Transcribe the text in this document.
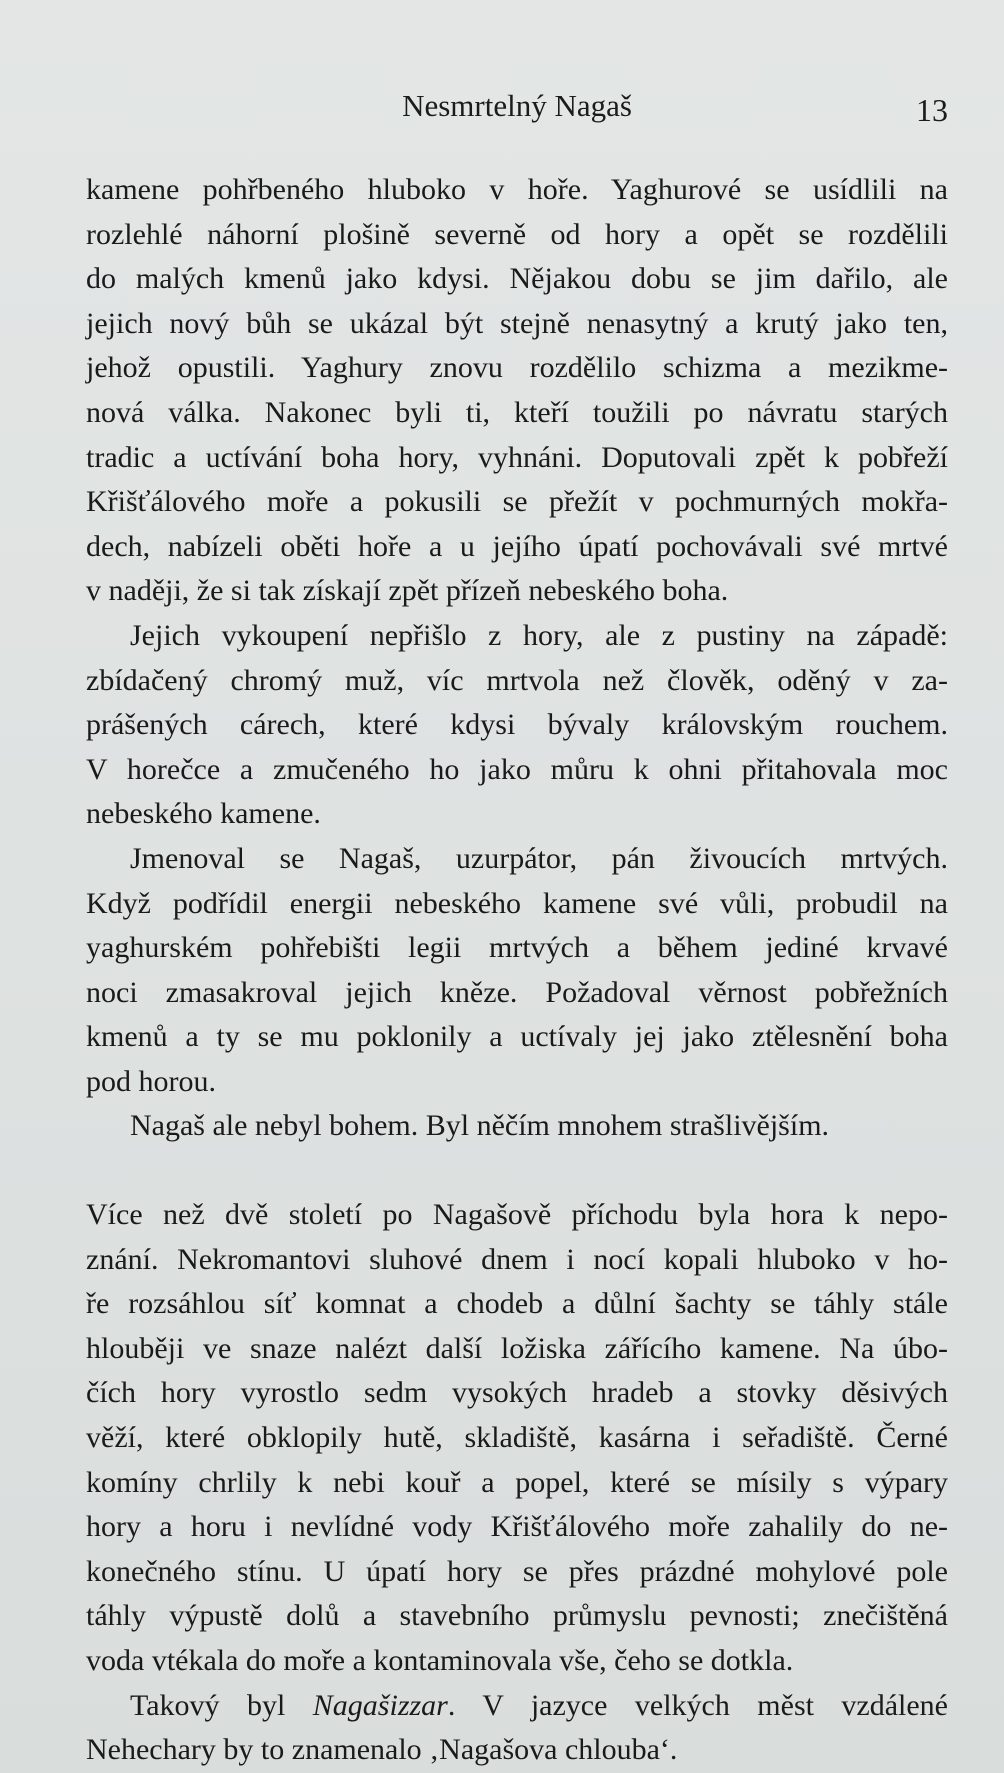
Nesmrtelný Nagaš	13

kamene pohřbeného hluboko v hoře. Yaghurové se usídlili na
rozlehlé náhorní plošině severně od hory a opět se rozdělili
do malých kmenů jako kdysi. Nějakou dobu se jim dařilo, ale
jejich nový bůh se ukázal být stejně nenasytný a krutý jako ten,
jehož opustili. Yaghury znovu rozdělilo schizma a mezikme-
nová válka. Nakonec byli ti, kteří toužili po návratu starých
tradic a uctívání boha hory, vyhnáni. Doputovali zpět k pobřeží
Křišťálového moře a pokusili se přežít v pochmurných mokřa-
dech, nabízeli oběti hoře a u jejího úpatí pochovávali své mrtvé
v naději, že si tak získají zpět přízeň nebeského boha.

Jejich vykoupení nepřišlo z hory, ale z pustiny na západě:
zbídačený chromý muž, víc mrtvola než člověk, oděný v za-
prášených cárech, které kdysi bývaly královským rouchem.
V horečce a zmučeného ho jako můru k ohni přitahovala moc
nebeského kamene.

Jmenoval se Nagaš, uzurpátor, pán živoucích mrtvých.
Když podřídil energii nebeského kamene své vůli, probudil na
yaghurském pohřebišti legii mrtvých a během jediné krvavé
noci zmasakroval jejich kněze. Požadoval věrnost pobřežních
kmenů a ty se mu poklonily a uctívaly jej jako ztělesnění boha
pod horou.

Nagaš ale nebyl bohem. Byl něčím mnohem strašlivějším.

Více než dvě století po Nagašově příchodu byla hora k nepo-
znání. Nekromantovi sluhové dnem i nocí kopali hluboko v ho-
ře rozsáhlou síť komnat a chodeb a důlní šachty se táhly stále
hlouběji ve snaze nalézt další ložiska zářícího kamene. Na úbo-
čích hory vyrostlo sedm vysokých hradeb a stovky děsivých
věží, které obklopily hutě, skladiště, kasárna i seřadiště. Černé
komíny chrlily k nebi kouř a popel, které se mísily s výpary
hory a horu i nevlídné vody Křišťálového moře zahalily do ne-
konečného stínu. U úpatí hory se přes prázdné mohylové pole
táhly výpustě dolů a stavebního průmyslu pevnosti; znečištěná
voda vtékala do moře a kontaminovala vše, čeho se dotkla.

Takový byl Nagašizzar. V jazyce velkých měst vzdálené
Nehechary by to znamenalo ‚Nagašova chlouba‘.
